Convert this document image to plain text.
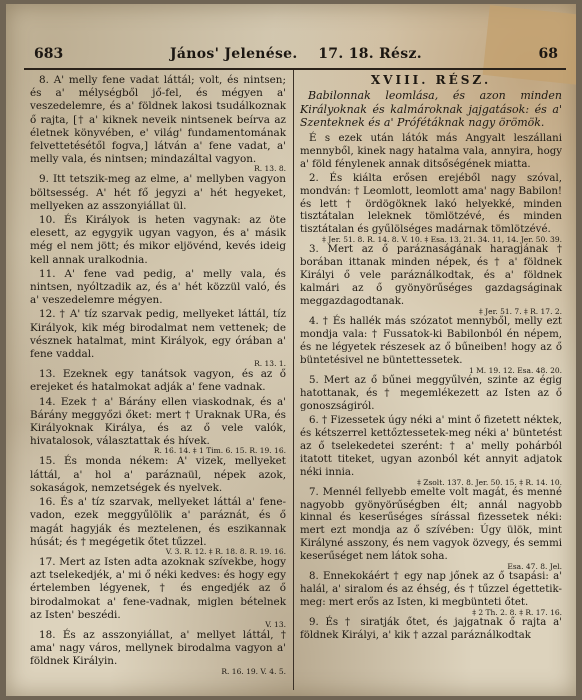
683	János' Jelenése. 17. 18. Rész.	68

8. A' melly fene vadat láttál; volt, és nintsen; és a' mélységből jő-fel, és mégyen a' veszedelemre, és a' földnek lakosi tsudálkoznak ő rajta, [† a' kiknek neveik nintsenek beírva az életnek könyvében, e' világ' fundamentomának felvettetésétől fogva,] látván a' fene vadat, a' melly vala, és nintsen; mindazáltal vagyon.

R. 13. 8.

9. Itt tetszik-meg az elme, a' mellyben vagyon böltsesség. A' hét fő jegyzi a' hét hegyeket, mellyeken az asszonyiállat ül.

10. És Királyok is heten vagynak: az öte elesett, az egygyik ugyan vagyon, és a' másik még el nem jött; és mikor eljövénd, kevés ideig kell annak uralkodnia.

11. A' fene vad pedig, a' melly vala, és nintsen, nyóltzadik az, és a' hét közzül való, és a' veszedelemre mégyen.

12. † A' tíz szarvak pedig, mellyeket láttál, tíz Királyok, kik még birodalmat nem vettenek; de vésznek hatalmat, mint Királyok, egy órában a' fene vaddal.

R. 13. 1.

13. Ezeknek egy tanátsok vagyon, és az ő erejeket és hatalmokat adják a' fene vadnak.

14. Ezek † a' Bárány ellen viaskodnak, és a' Bárány meggyőzi őket: mert † Uraknak URa, és Királyoknak Királya, és az ő vele valók, hivatalosok, választattak és hívek.

R. 16. 14. ‡ 1 Tim. 6. 15. R. 19. 16.

15. És monda nékem: A' vizek, mellyeket láttál, a' hol a' paráznaül, népek azok, sokaságok, nemzetségek és nyelvek.

16. És a' tíz szarvak, mellyeket láttál a' fene-vadon, ezek meggyűlölik a' paráznát, és ő magát hagyják és meztelenen, és eszikannak húsát; és † megégetik őtet tűzzel.

V. 3. R. 12. ‡ R. 18. 8. R. 19. 16.

17. Mert az Isten adta azoknak szívekbe, hogy azt tselekedjék, a' mi ő néki kedves: és hogy egy értelemben légyenek, † és engedjék az ő birodalmokat a' fene-vadnak, miglen bételnek az Isten' beszédi.

V. 13.

18. És az asszonyiállat, a' mellyet láttál, † ama' nagy város, mellynek birodalma vagyon a' földnek Királyin.

R. 16. 19. V. 4. 5.
XVIII. RÉSZ.
Babilonnak leomlása, és azon minden Királyoknak és kalmároknak jajgatások: és a' Szenteknek és a' Prófétáknak nagy örömök.

É s ezek után látók más Angyalt leszállani mennyből, kinek nagy hatalma vala, annyira, hogy a' föld fénylenek annak ditsőségének miatta.

2. És kiálta erősen erejéből nagy szóval, mondván: † Leomlott, leomlott ama' nagy Babilon! és lett † ördögöknek lakó helyekké, minden tisztátalan leleknek tömlötzévé, és minden tisztátalan és gyűlölséges madárnak tömlötzévé.

‡ Jer. 51. 8. R. 14. 8. V. 10. ‡ Esa. 13. 21. 34. 11, 14. Jer. 50. 39.

3. Mert az ő paráznaságának haragjának † borában ittanak minden népek, és † a' földnek Királyi ő vele paráználkodtak, és a' földnek kalmári az ő gyönyörűséges gazdagságinak meggazdagodtanak.

‡ Jer. 51. 7. ‡ R. 17. 2.

4. † És hallék más szózatot mennyből, melly ezt mondja vala: † Fussatok-ki Babilonból én népem, és ne légyetek részesek az ő bűneiben! hogy az ő büntetésivel ne büntettessetek.

1 M. 19. 12. Esa. 48. 20.

5. Mert az ő bűnei meggyűlvén, szinte az égig hatottanak, és † megemlékezett az Isten az ő gonoszságiról.

6. † Fizessetek úgy néki a' mint ő fizetett néktek, és kétszerrel kettőztessetek-meg néki a' büntetést az ő tselekedetei szerént: † a' melly pohárból itatott titeket, ugyan azonból két annyit adjatok néki innia.

‡ Zsolt. 137. 8. Jer. 50. 15. ‡ R. 14. 10.

7. Mennél fellyebb emelte volt magát, és menné nagyobb gyönyörűségben élt; annál nagyobb kinnal és keserűséges sírással fizessetek néki: mert ezt mondja az ő szívében: Úgy ülök, mint Királyné asszony, és nem vagyok özvegy, és semmi keserűséget nem látok soha.

Esa. 47. 8. Jel.

8. Ennekokáért † egy nap jőnek az ő tsapási: a' halál, a' siralom és az éhség, és † tűzzel égettetik-meg: mert erős az Isten, ki megbünteti őtet.

‡ 2 Th. 2. 8. ‡ R. 17. 16.

9. És † siratják őtet, és jajgatnak ő rajta a' földnek Királyi, a' kik † azzal paráználkodtak
